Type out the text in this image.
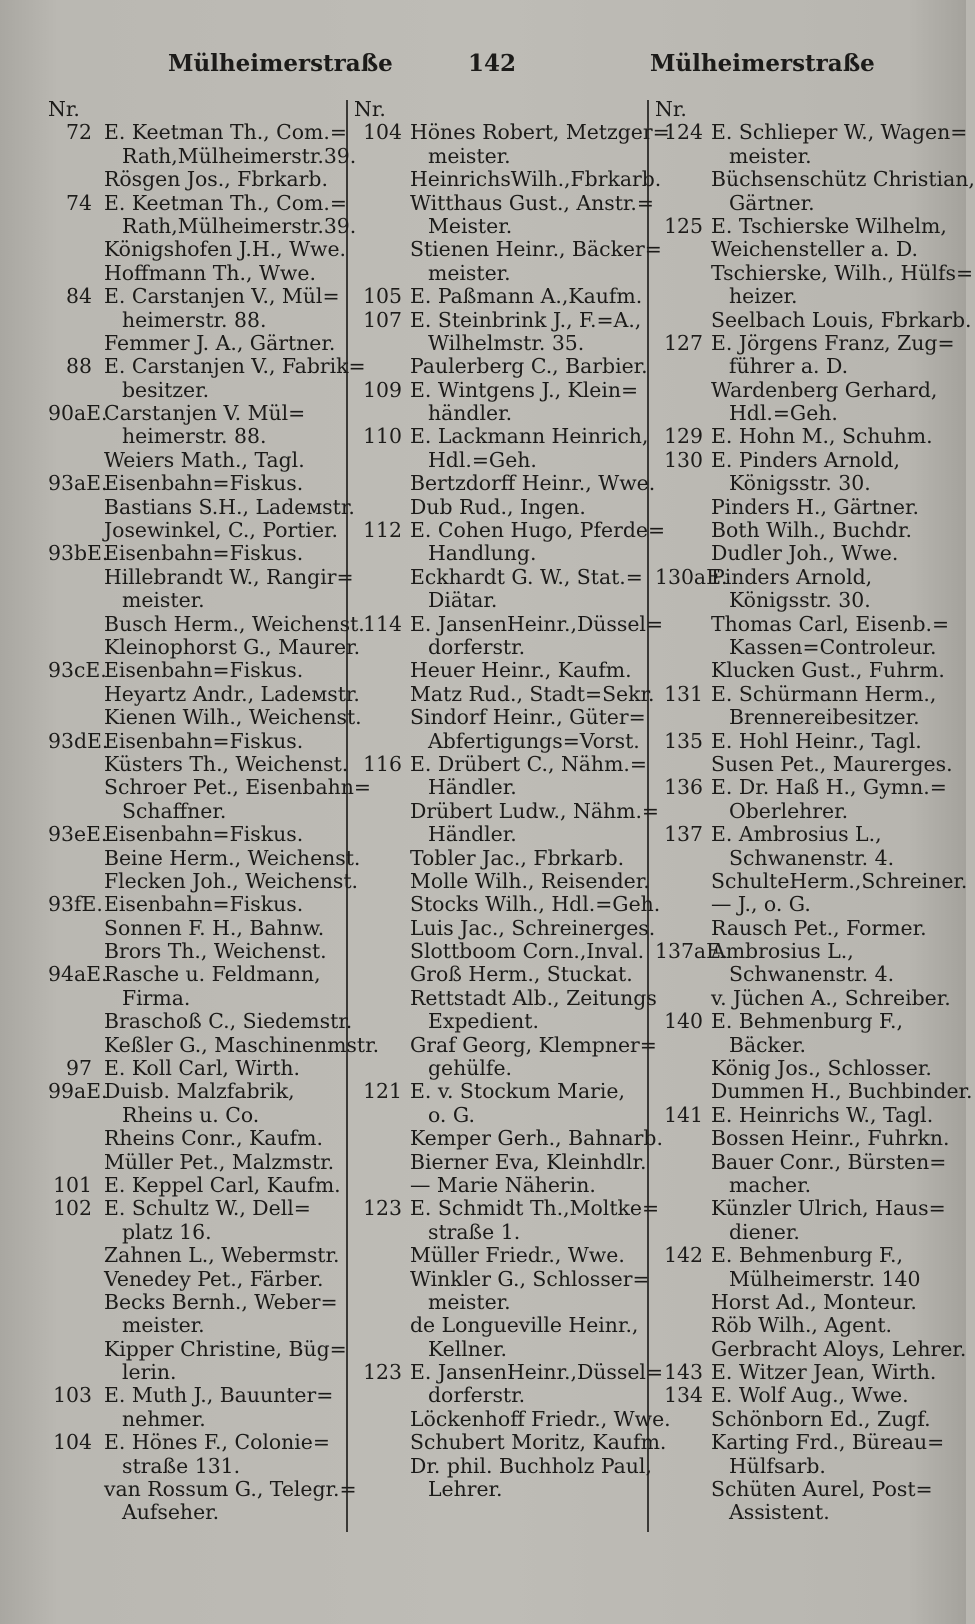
Mülheimerstraße	142	Mülheimerstraße
Nr.
72 E. Keetman Th., Com.=
Rath,Mülheimerstr.39.
Rösgen Jos., Fbrkarb.
74 E. Keetman Th., Com.=
Rath,Mülheimerstr.39.
Königshofen J.H., Wwe.
Hoffmann Th., Wwe.
84 E. Carstanjen V., Mül=
heimerstr. 88.
Femmer J. A., Gärtner.
88 E. Carstanjen V., Fabrik=
besitzer.
90aE.
Carstanjen V. Mül=
heimerstr. 88.
Weiers Math., Tagl.
93aE.
Eisenbahn=Fiskus.
Bastians S.H., Ladeмstr.
Josewinkel, C., Portier.
93bE.
Eisenbahn=Fiskus.
Hillebrandt W., Rangir=
meister.
Busch Herm., Weichenst.
Kleinophorst G., Maurer.
93cE.
Eisenbahn=Fiskus.
Heyartz Andr., Ladeмstr.
Kienen Wilh., Weichenst.
93dE.
Eisenbahn=Fiskus.
Küsters Th., Weichenst.
Schroer Pet., Eisenbahn=
Schaffner.
93eE.
Eisenbahn=Fiskus.
Beine Herm., Weichenst.
Flecken Joh., Weichenst.
93fE. Eisenbahn=Fiskus.
Sonnen F. H., Bahnw.
Brors Th., Weichenst.
94aE.
Rasche u. Feldmann,
Firma.
Braschoß C., Siedemstr.
Keßler G., Maschinenmstr.
97 E. Koll Carl, Wirth.
99aE.
Duisb. Malzfabrik,
Rheins u. Co.
Rheins Conr., Kaufm.
Müller Pet., Malzmstr.
101 E. Keppel Carl, Kaufm.
102 E. Schultz W., Dell=
platz 16.
Zahnen L., Webermstr.
Venedey Pet., Färber.
Becks Bernh., Weber=
meister.
Kipper Christine, Büg=
lerin.
103 E. Muth J., Bauunter=
nehmer.
104 E. Hönes F., Colonie=
straße 131.
van Rossum G., Telegr.=
Aufseher.
Nr.
104 Hönes Robert, Metzger=
meister.
HeinrichsWilh.,Fbrkarb.
Witthaus Gust., Anstr.=
Meister.
Stienen Heinr., Bäcker=
meister.
105 E. Paßmann A.,Kaufm.
107 E. Steinbrink J., F.=A.,
Wilhelmstr. 35.
Paulerberg C., Barbier.
109 E. Wintgens J., Klein=
händler.
110 E. Lackmann Heinrich,
Hdl.=Geh.
Bertzdorff Heinr., Wwe.
Dub Rud., Ingen.
112 E. Cohen Hugo, Pferde=
Handlung.
Eckhardt G. W., Stat.=
Diätar.
114 E. JansenHeinr.,Düssel=
dorferstr.
Heuer Heinr., Kaufm.
Matz Rud., Stadt=Sekr.
Sindorf Heinr., Güter=
Abfertigungs=Vorst.
116 E. Drübert C., Nähm.=
Händler.
Drübert Ludw., Nähm.=
Händler.
Tobler Jac., Fbrkarb.
Molle Wilh., Reisender.
Stocks Wilh., Hdl.=Geh.
Luis Jac., Schreinerges.
Slottboom Corn.,Inval.
Groß Herm., Stuckat.
Rettstadt Alb., Zeitungs
Expedient.
Graf Georg, Klempner=
gehülfe.
121 E. v. Stockum Marie,
o. G.
Kemper Gerh., Bahnarb.
Bierner Eva, Kleinhdlr.
— Marie Näherin.
123 E. Schmidt Th.,Moltke=
straße 1.
Müller Friedr., Wwe.
Winkler G., Schlosser=
meister.
de Longueville Heinr.,
Kellner.
123 E. JansenHeinr.,Düssel=
dorferstr.
Löckenhoff Friedr., Wwe.
Schubert Moritz, Kaufm.
Dr. phil. Buchholz Paul,
Lehrer.
Nr.
124 E. Schlieper W., Wagen=
meister.
Büchsenschütz Christian,
Gärtner.
125 E. Tschierske Wilhelm,
Weichensteller a. D.
Tschierske, Wilh., Hülfs=
heizer.
Seelbach Louis, Fbrkarb.
127 E. Jörgens Franz, Zug=
führer a. D.
Wardenberg Gerhard,
Hdl.=Geh.
129 E. Hohn M., Schuhm.
130 E. Pinders Arnold,
Königsstr. 30.
Pinders H., Gärtner.
Both Wilh., Buchdr.
Dudler Joh., Wwe.
130aE.
Pinders Arnold,
Königsstr. 30.
Thomas Carl, Eisenb.=
Kassen=Controleur.
Klucken Gust., Fuhrm.
131 E. Schürmann Herm.,
Brennereibesitzer.
135 E. Hohl Heinr., Tagl.
Susen Pet., Maurerges.
136 E. Dr. Haß H., Gymn.=
Oberlehrer.
137 E. Ambrosius L.,
Schwanenstr. 4.
SchulteHerm.,Schreiner.
— J., o. G.
Rausch Pet., Former.
137aE.
Ambrosius L.,
Schwanenstr. 4.
v. Jüchen A., Schreiber.
140 E. Behmenburg F.,
Bäcker.
König Jos., Schlosser.
Dummen H., Buchbinder.
141 E. Heinrichs W., Tagl.
Bossen Heinr., Fuhrkn.
Bauer Conr., Bürsten=
macher.
Künzler Ulrich, Haus=
diener.
142 E. Behmenburg F.,
Mülheimerstr. 140
Horst Ad., Monteur.
Röb Wilh., Agent.
Gerbracht Aloys, Lehrer.
143 E. Witzer Jean, Wirth.
134 E. Wolf Aug., Wwe.
Schönborn Ed., Zugf.
Karting Frd., Büreau=
Hülfsarb.
Schüten Aurel, Post=
Assistent.
